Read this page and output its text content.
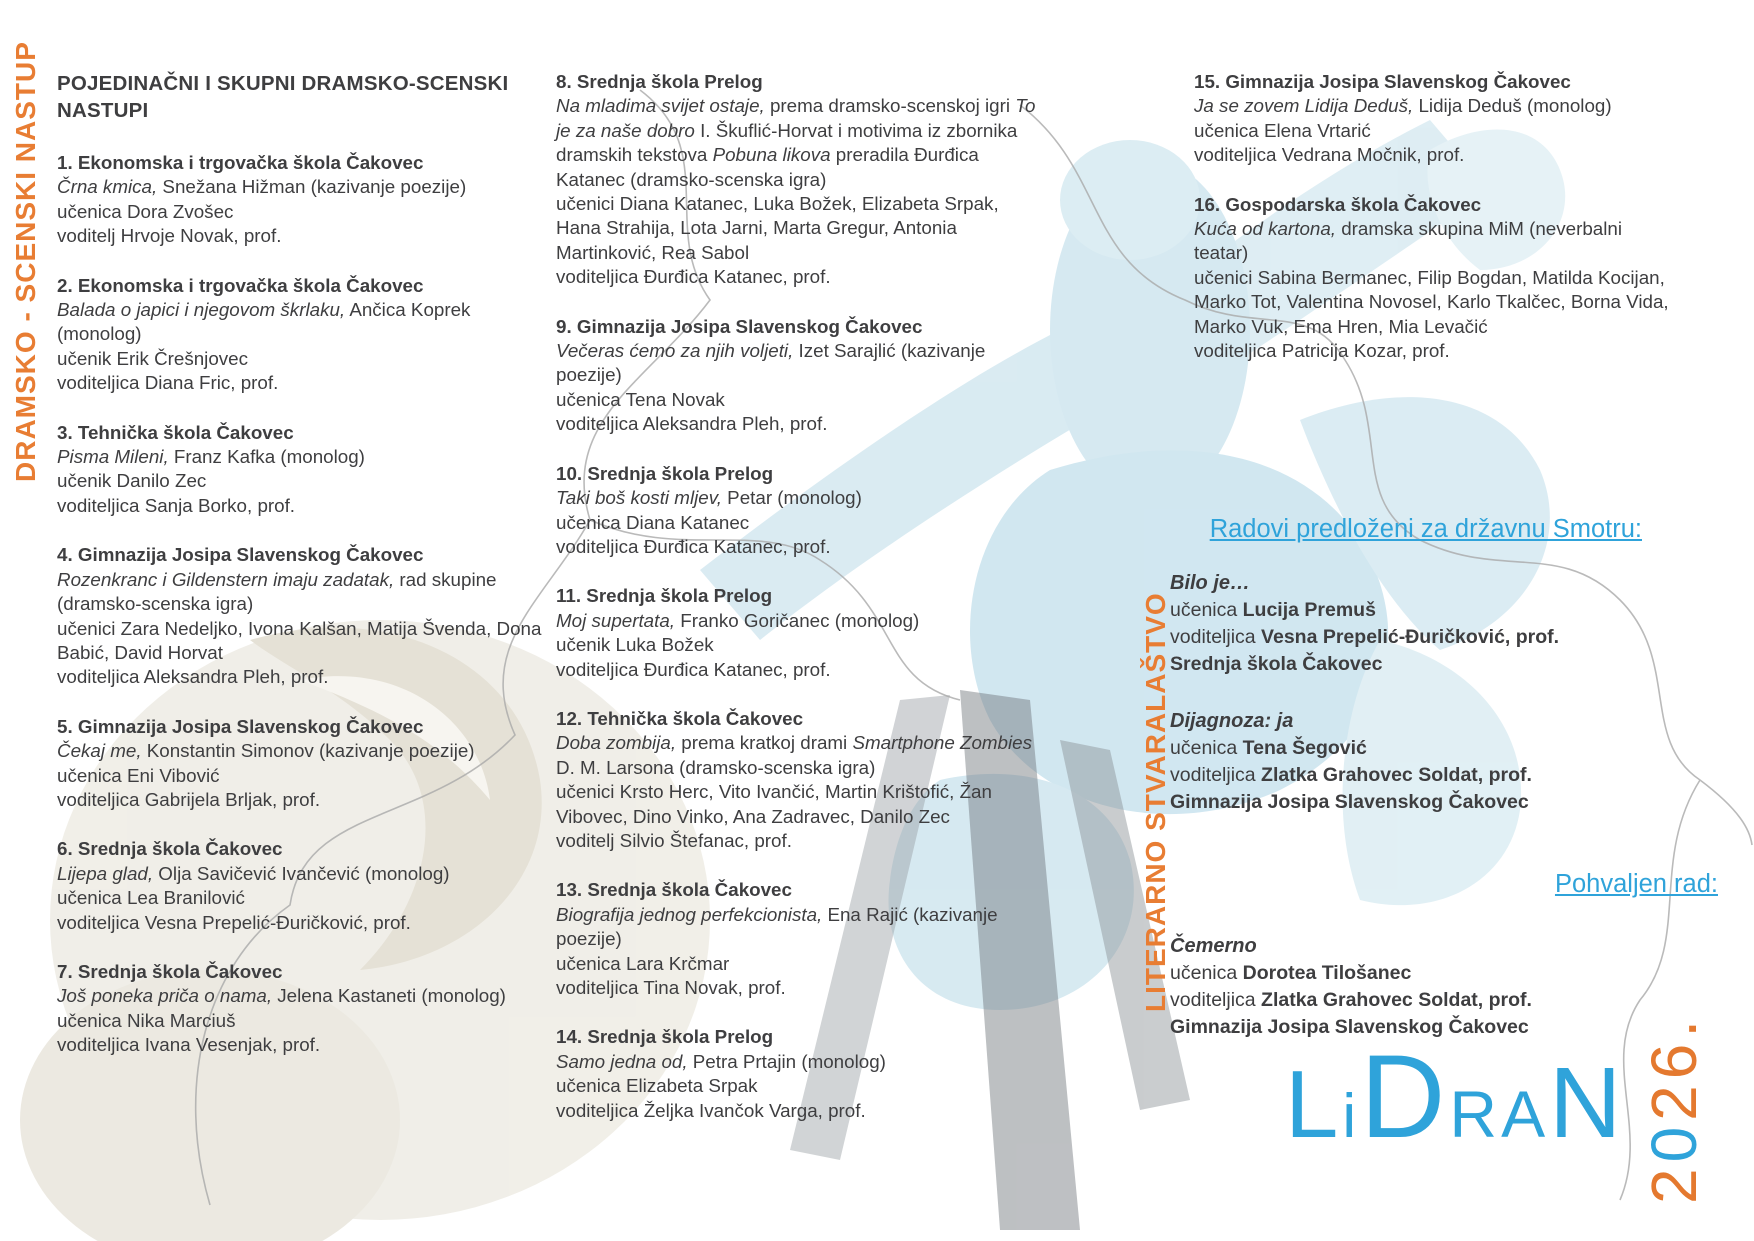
DRAMSKO - SCENSKI NASTUP
LITERARNO STVARALAŠTVO
POJEDINAČNI I SKUPNI DRAMSKO-SCENSKI NASTUPI
1. Ekonomska i trgovačka škola Čakovec
Črna kmica, Snežana Hižman (kazivanje poezije)
učenica Dora Zvošec
voditelj Hrvoje Novak, prof.
2. Ekonomska i trgovačka škola Čakovec
Balada o japici i njegovom škrlaku, Ančica Koprek (monolog)
učenik Erik Črešnjovec
voditeljica Diana Fric, prof.
3. Tehnička škola Čakovec
Pisma Mileni, Franz Kafka (monolog)
učenik Danilo Zec
voditeljica Sanja Borko, prof.
4. Gimnazija Josipa Slavenskog Čakovec
Rozenkranc i Gildenstern imaju zadatak, rad skupine (dramsko-scenska igra)
učenici Zara Nedeljko, Ivona Kalšan, Matija Švenda, Dona Babić, David Horvat
voditeljica Aleksandra Pleh, prof.
5. Gimnazija Josipa Slavenskog Čakovec
Čekaj me, Konstantin Simonov (kazivanje poezije)
učenica Eni Vibović
voditeljica Gabrijela Brljak, prof.
6. Srednja škola Čakovec
Lijepa glad, Olja Savičević Ivančević (monolog)
učenica Lea Branilović
voditeljica Vesna Prepelić-Đuričković, prof.
7. Srednja škola Čakovec
Još poneka priča o nama, Jelena Kastaneti (monolog)
učenica Nika Marciuš
voditeljica Ivana Vesenjak, prof.
8. Srednja škola Prelog
Na mladima svijet ostaje, prema dramsko-scenskoj igri To je za naše dobro I. Škuflić-Horvat i motivima iz zbornika dramskih tekstova Pobuna likova preradila Đurđica Katanec (dramsko-scenska igra)
učenici Diana Katanec, Luka Božek, Elizabeta Srpak, Hana Strahija, Lota Jarni, Marta Gregur, Antonia Martinković, Rea Sabol
voditeljica Đurđica Katanec, prof.
9. Gimnazija Josipa Slavenskog Čakovec
Večeras ćemo za njih voljeti, Izet Sarajlić (kazivanje poezije)
učenica Tena Novak
voditeljica Aleksandra Pleh, prof.
10. Srednja škola Prelog
Taki boš kosti mljev, Petar (monolog)
učenica Diana Katanec
voditeljica Đurđica Katanec, prof.
11. Srednja škola Prelog
Moj supertata, Franko Goričanec (monolog)
učenik Luka Božek
voditeljica Đurđica Katanec, prof.
12. Tehnička škola Čakovec
Doba zombija, prema kratkoj drami Smartphone Zombies D. M. Larsona (dramsko-scenska igra)
učenici Krsto Herc, Vito Ivančić, Martin Krištofić, Žan Vibovec, Dino Vinko, Ana Zadravec, Danilo Zec
voditelj Silvio Štefanac, prof.
13. Srednja škola Čakovec
Biografija jednog perfekcionista, Ena Rajić (kazivanje poezije)
učenica Lara Krčmar
voditeljica Tina Novak, prof.
14. Srednja škola Prelog
Samo jedna od, Petra Prtajin (monolog)
učenica Elizabeta Srpak
voditeljica Željka Ivančok Varga, prof.
15. Gimnazija Josipa Slavenskog Čakovec
Ja se zovem Lidija Deduš, Lidija Deduš (monolog)
učenica Elena Vrtarić
voditeljica Vedrana Močnik, prof.
16. Gospodarska škola Čakovec
Kuća od kartona, dramska skupina MiM (neverbalni teatar)
učenici Sabina Bermanec, Filip Bogdan, Matilda Kocijan, Marko Tot, Valentina Novosel, Karlo Tkalčec, Borna Vida, Marko Vuk, Ema Hren, Mia Levačić
voditeljica Patricija Kozar, prof.
Radovi predloženi za državnu Smotru:
Bilo je…
učenica Lucija Premuš
voditeljica Vesna Prepelić-Đuričković, prof.
Srednja škola Čakovec
Dijagnoza: ja
učenica Tena Šegović
voditeljica Zlatka Grahovec Soldat, prof.
Gimnazija Josipa Slavenskog Čakovec
Pohvaljen rad:
Čemerno
učenica Dorotea Tilošanec
voditeljica Zlatka Grahovec Soldat, prof.
Gimnazija Josipa Slavenskog Čakovec
L i D R A N
2026.
